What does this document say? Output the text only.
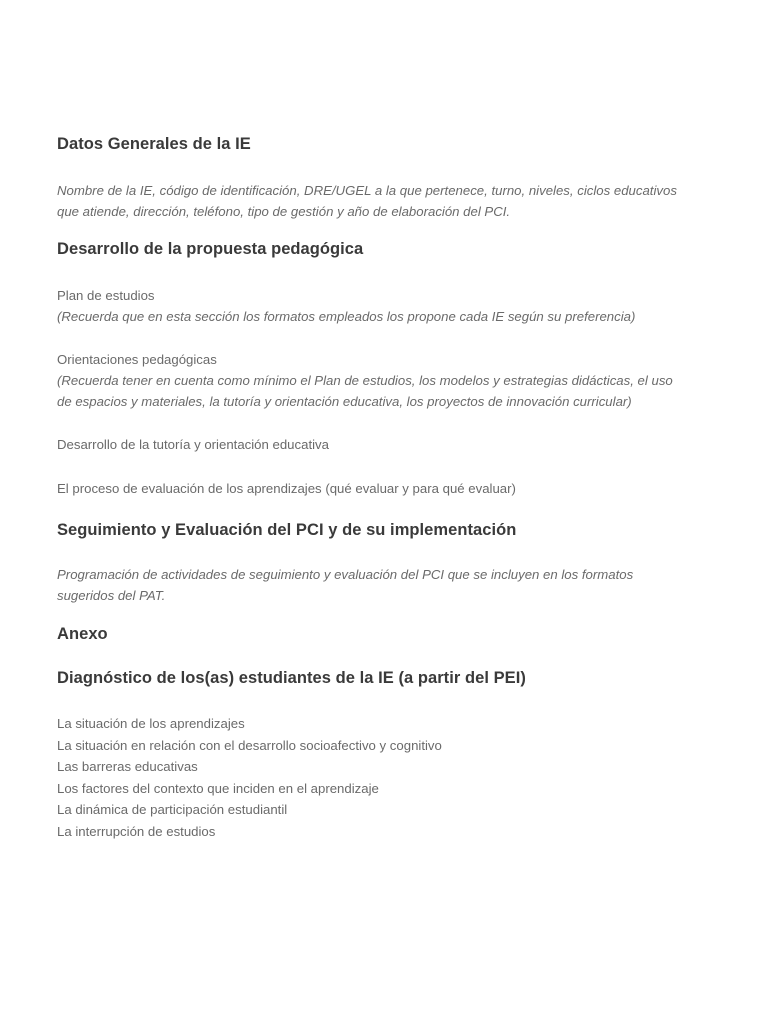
Datos Generales de la IE

Nombre de la IE, código de identificación, DRE/UGEL a la que pertenece, turno, niveles, ciclos educativos
que atiende, dirección, teléfono, tipo de gestión y año de elaboración del PCI.

Desarrollo de la propuesta pedagógica

Plan de estudios
(Recuerda que en esta sección los formatos empleados los propone cada IE según su preferencia)

Orientaciones pedagógicas
(Recuerda tener en cuenta como mínimo el Plan de estudios, los modelos y estrategias didácticas, el uso
de espacios y materiales, la tutoría y orientación educativa, los proyectos de innovación curricular)

Desarrollo de la tutoría y orientación educativa

El proceso de evaluación de los aprendizajes (qué evaluar y para qué evaluar)

Seguimiento y Evaluación del PCI y de su implementación

Programación de actividades de seguimiento y evaluación del PCI que se incluyen en los formatos
sugeridos del PAT.

Anexo
Diagnóstico de los(as) estudiantes de la IE (a partir del PEI)
La situación de los aprendizajes
La situación en relación con el desarrollo socioafectivo y cognitivo
Las barreras educativas
Los factores del contexto que inciden en el aprendizaje
La dinámica de participación estudiantil
La interrupción de estudios
